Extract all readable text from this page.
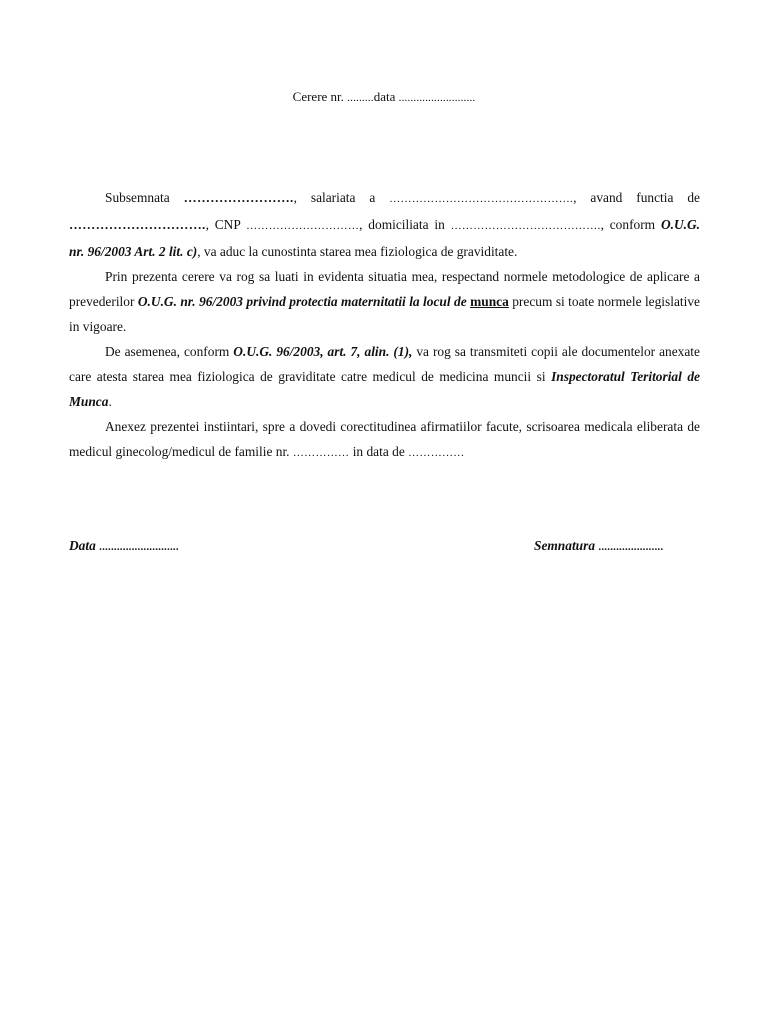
Cerere nr. .........data ..........................

Subsemnata ……………………., salariata a …………………………………………., avand functia de …………………………., CNP …………………………, domiciliata in …………………………………., conform O.U.G. nr. 96/2003 Art. 2 lit. c), va aduc la cunostinta starea mea fiziologica de graviditate.

Prin prezenta cerere va rog sa luati in evidenta situatia mea, respectand normele metodologice de aplicare a prevederilor O.U.G. nr. 96/2003 privind protectia maternitatii la locul de munca precum si toate normele legislative in vigoare.

De asemenea, conform O.U.G. 96/2003, art. 7, alin. (1), va rog sa transmiteti copii ale documentelor anexate care atesta starea mea fiziologica de graviditate catre medicul de medicina muncii si Inspectoratul Teritorial de Munca.

Anexez prezentei instiintari, spre a dovedi corectitudinea afirmatiilor facute, scrisoarea medicala eliberata de medicul ginecolog/medicul de familie nr. …………… in data de ……………

Data ...........................	Semnatura ......................
